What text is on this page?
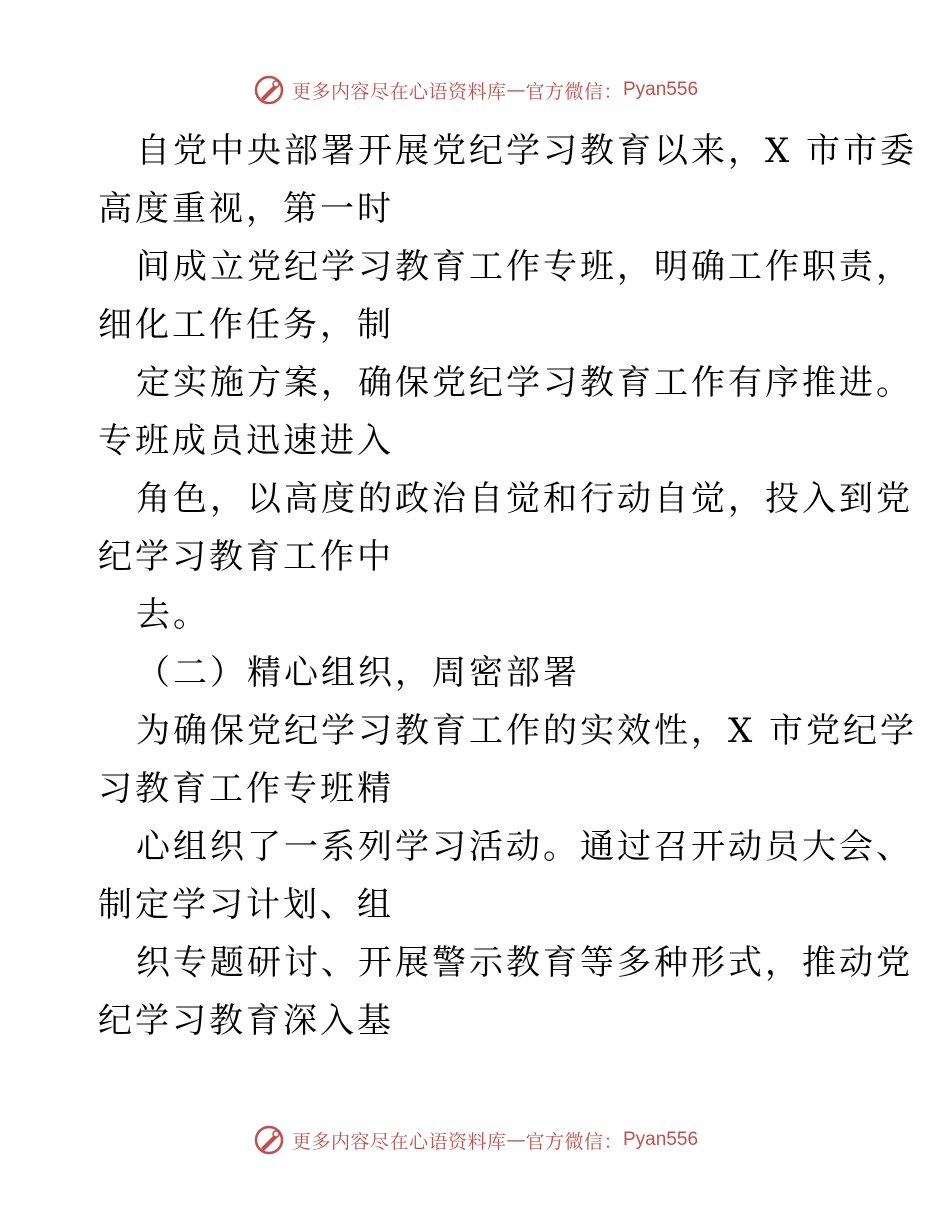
更多内容尽在心语资料库 — 官方微信： Pyan556
自党中央部署开展党纪学习教育以来，X 市市委
高度重视，第一时
间成立党纪学习教育工作专班，明确工作职责，
细化工作任务，制
定实施方案，确保党纪学习教育工作有序推进。
专班成员迅速进入
角色，以高度的政治自觉和行动自觉，投入到党
纪学习教育工作中
去。
（二）精心组织，周密部署
为确保党纪学习教育工作的实效性，X 市党纪学
习教育工作专班精
心组织了一系列学习活动。通过召开动员大会、
制定学习计划、组
织专题研讨、开展警示教育等多种形式，推动党
纪学习教育深入基
更多内容尽在心语资料库 — 官方微信： Pyan556
